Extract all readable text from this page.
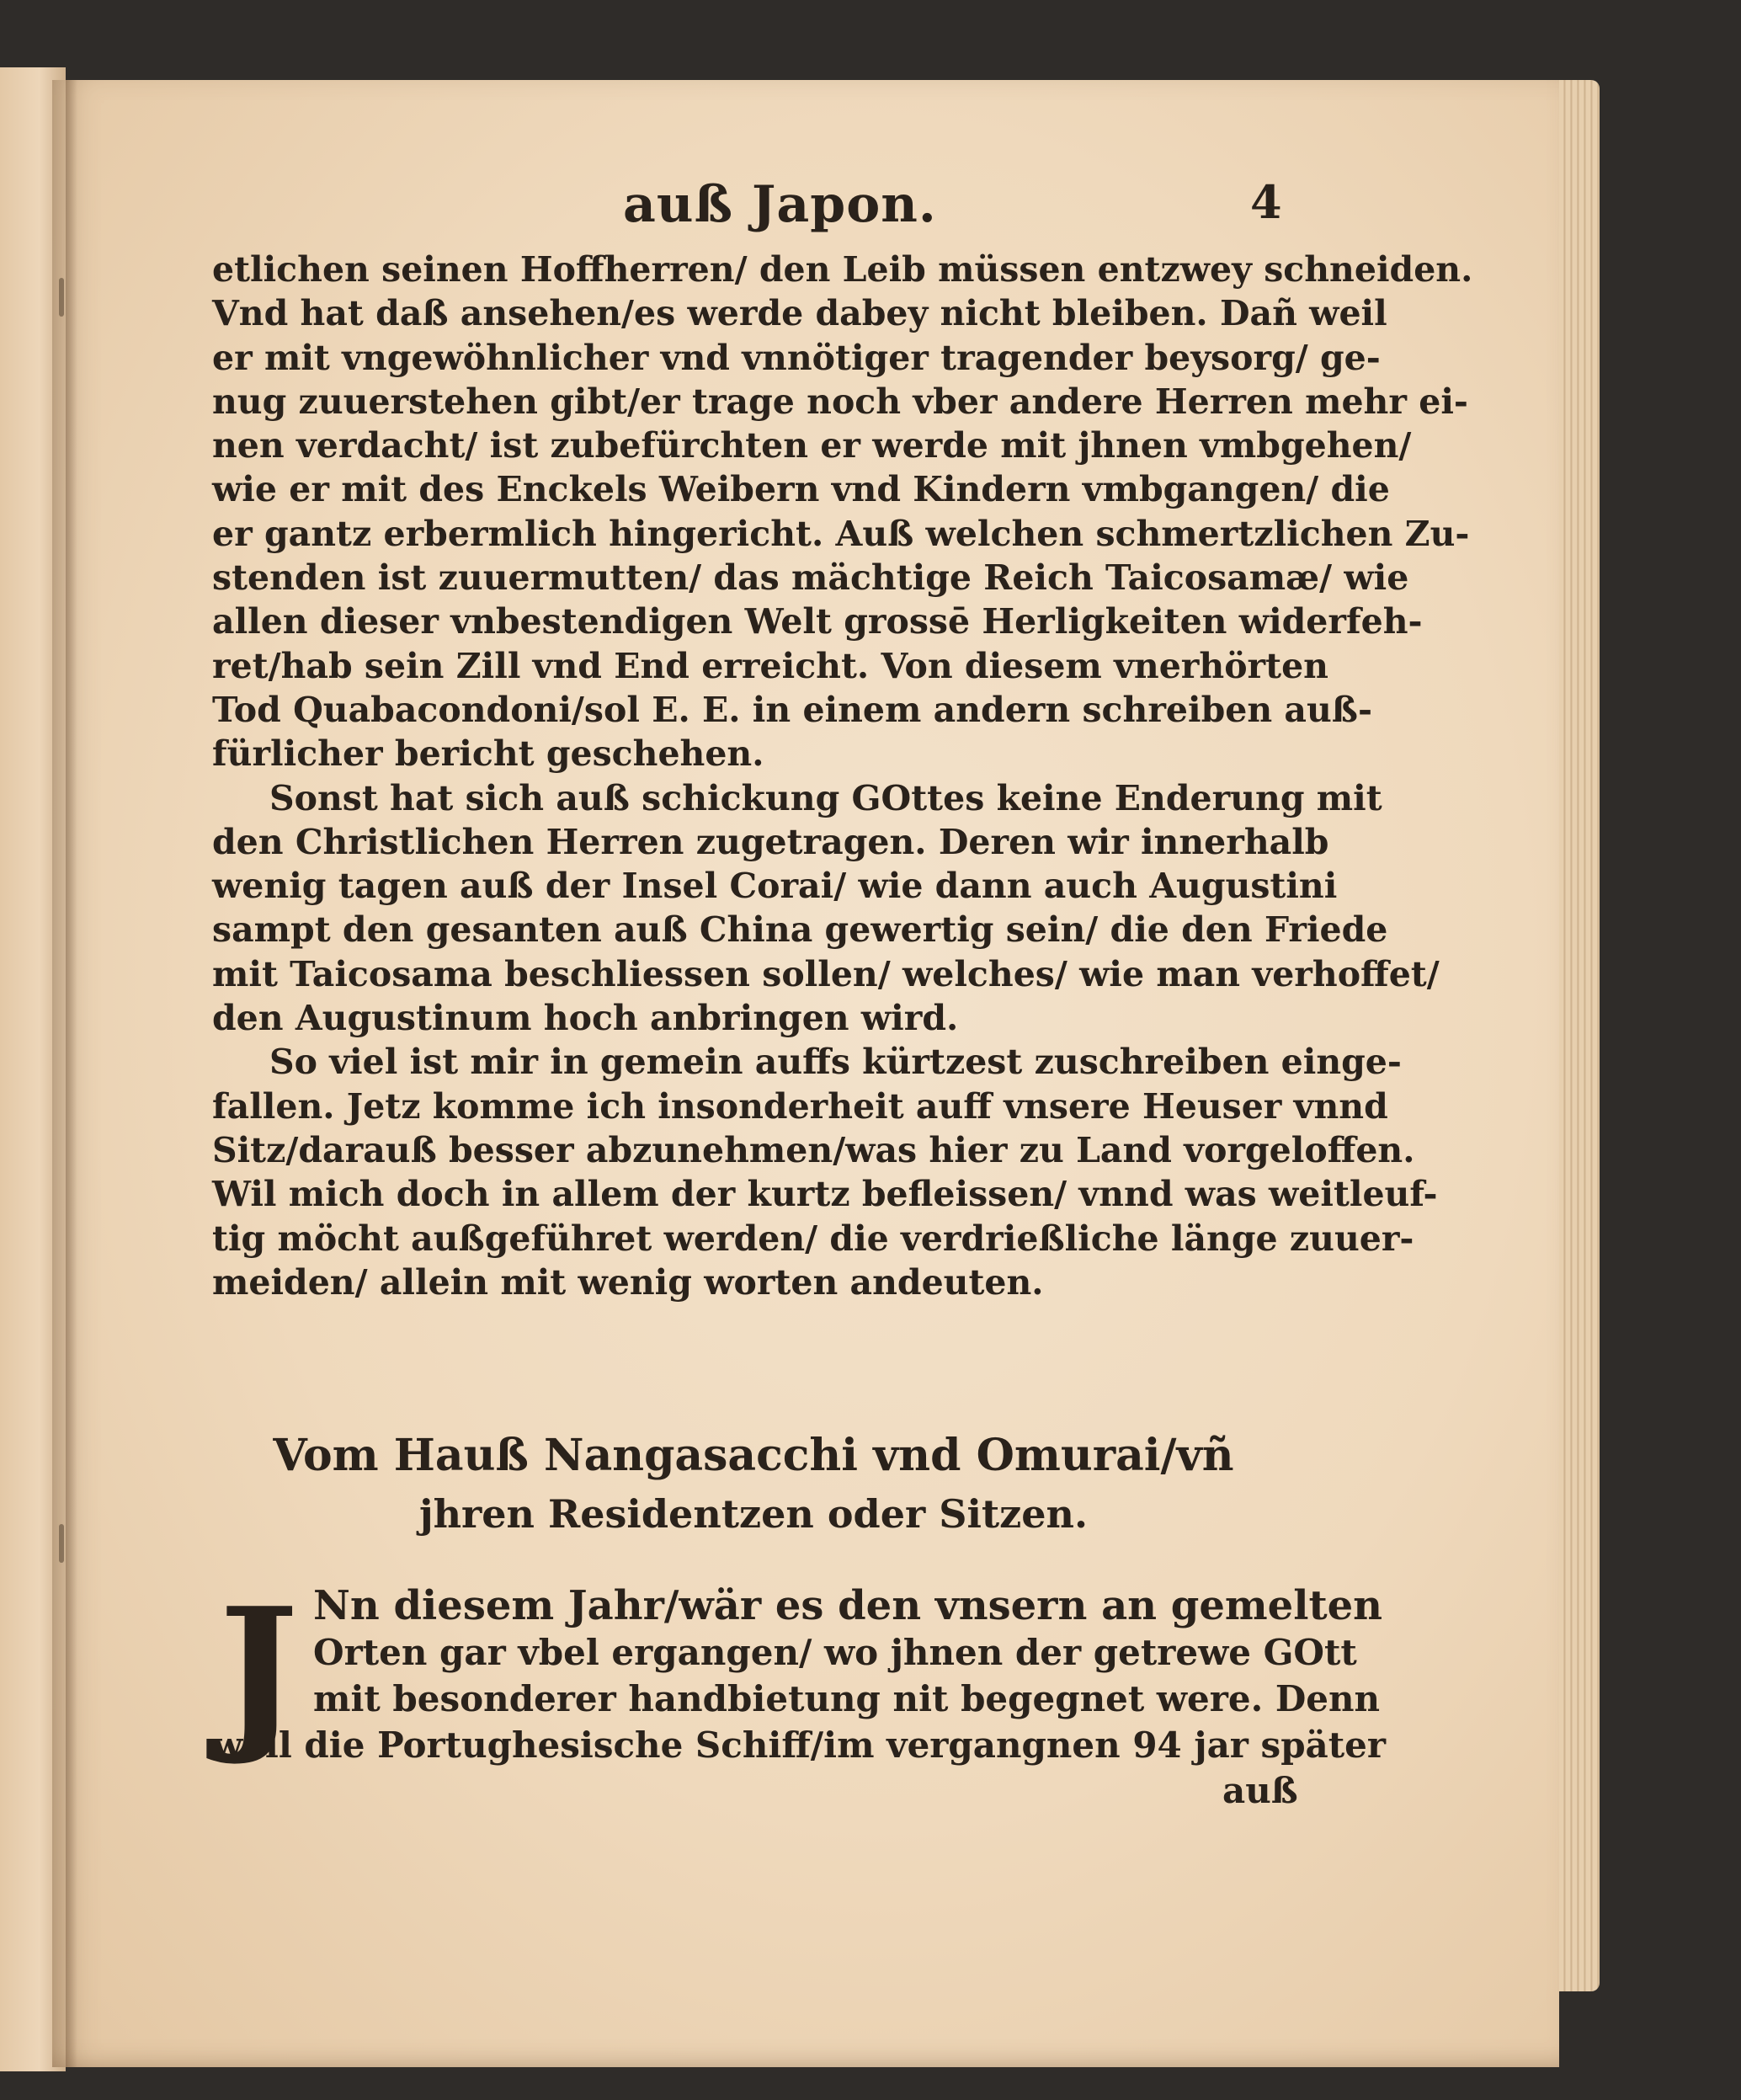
auß Japon.	4
etlichen seinen Hoffherren/ den Leib müssen entzwey schneiden.
Vnd hat daß ansehen/es werde dabey nicht bleiben. Dañ weil
er mit vngewöhnlicher vnd vnnötiger tragender beysorg/ ge-
nug zuuerstehen gibt/er trage noch vber andere Herren mehr ei-
nen verdacht/ ist zubefürchten er werde mit jhnen vmbgehen/
wie er mit des Enckels Weibern vnd Kindern vmbgangen/ die
er gantz erbermlich hingericht. Auß welchen schmertzlichen Zu-
stenden ist zuuermutten/ das mächtige Reich Taicosamæ/ wie
allen dieser vnbestendigen Welt grossē Herligkeiten widerfeh-
ret/hab sein Zill vnd End erreicht. Von diesem vnerhörten
Tod Quabacondoni/sol E. E. in einem andern schreiben auß-
fürlicher bericht geschehen.
Sonst hat sich auß schickung GOttes keine Enderung mit
den Christlichen Herren zugetragen. Deren wir innerhalb
wenig tagen auß der Insel Corai/ wie dann auch Augustini
sampt den gesanten auß China gewertig sein/ die den Friede
mit Taicosama beschliessen sollen/ welches/ wie man verhoffet/
den Augustinum hoch anbringen wird.
So viel ist mir in gemein auffs kürtzest zuschreiben einge-
fallen. Jetz komme ich insonderheit auff vnsere Heuser vnnd
Sitz/darauß besser abzunehmen/was hier zu Land vorgeloffen.
Wil mich doch in allem der kurtz befleissen/ vnnd was weitleuf-
tig möcht außgeführet werden/ die verdrießliche länge zuuer-
meiden/ allein mit wenig worten andeuten.
Vom Hauß Nangasacchi vnd Omurai/vñ
jhren Residentzen oder Sitzen.
J Nn diesem Jahr/wär es den vnsern an gemelten
Orten gar vbel ergangen/ wo jhnen der getrewe GOtt
mit besonderer handbietung nit begegnet were. Denn
weil die Portughesische Schiff/im vergangnen 94 jar später
auß
